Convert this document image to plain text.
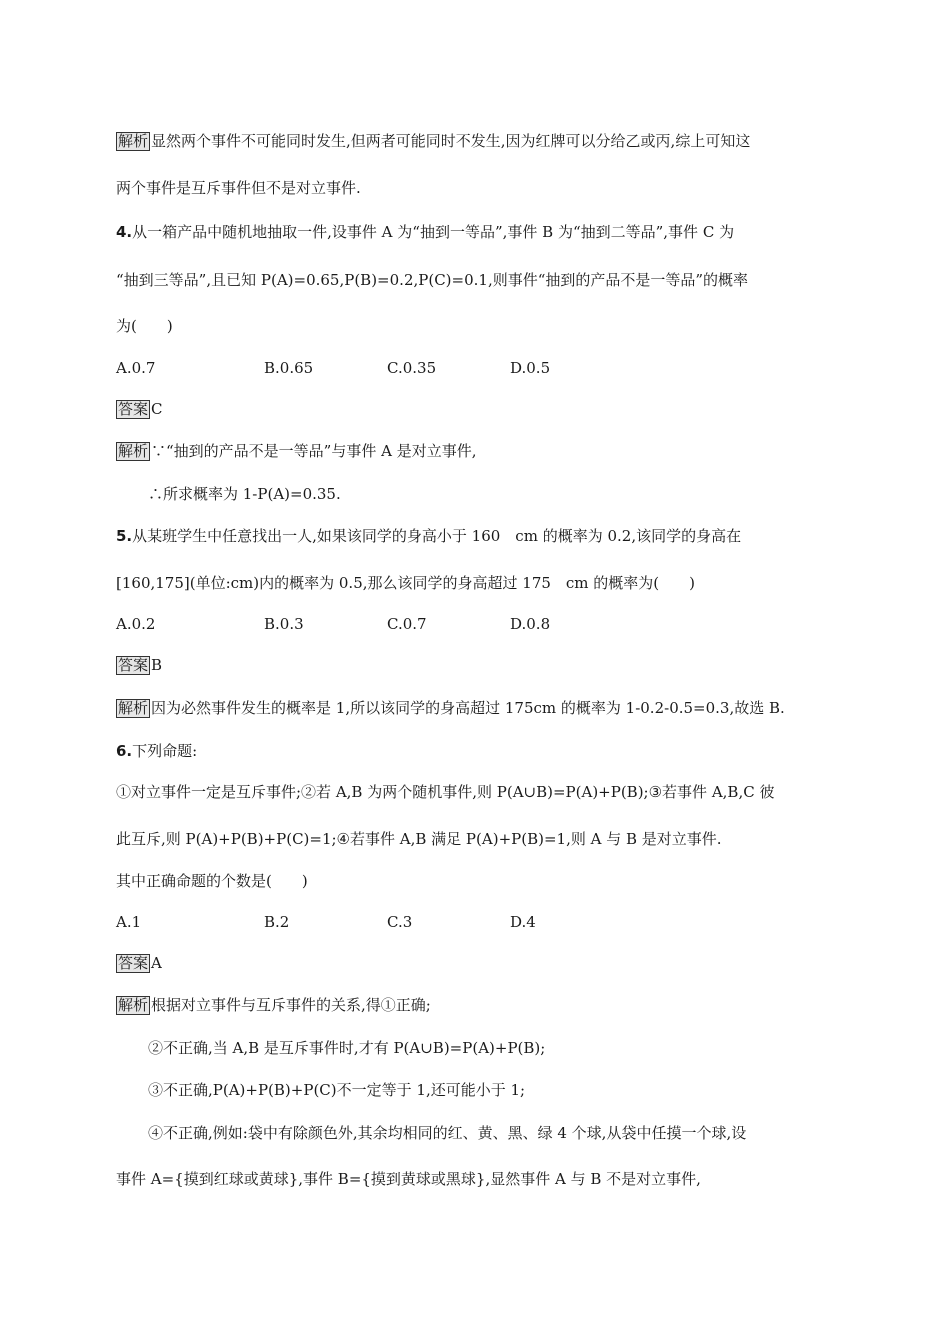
解析 显然两个事件不可能同时发生,但两者可能同时不发生,因为红牌可以分给乙或丙,综上可知这
两个事件是互斥事件但不是对立事件.
4.从一箱产品中随机地抽取一件,设事件 A 为“抽到一等品”,事件 B 为“抽到二等品”,事件 C 为
“抽到三等品”,且已知 P(A)=0.65,P(B)=0.2,P(C)=0.1,则事件“抽到的产品不是一等品”的概率
为(　　)
A.0.7	B.0.65	C.0.35	D.0.5
答案 C
解析 ∵“抽到的产品不是一等品”与事件 A 是对立事件,
∴所求概率为 1-P(A)=0.35.
5.从某班学生中任意找出一人,如果该同学的身高小于 160　cm 的概率为 0.2,该同学的身高在
[160,175](单位:cm)内的概率为 0.5,那么该同学的身高超过 175　cm 的概率为(　　)
A.0.2	B.0.3	C.0.7	D.0.8
答案 B
解析 因为必然事件发生的概率是 1,所以该同学的身高超过 175cm 的概率为 1-0.2-0.5=0.3,故选 B.
6.下列命题:
①对立事件一定是互斥事件;②若 A,B 为两个随机事件,则 P(A∪B)=P(A)+P(B);③若事件 A,B,C 彼
此互斥,则 P(A)+P(B)+P(C)=1;④若事件 A,B 满足 P(A)+P(B)=1,则 A 与 B 是对立事件.
其中正确命题的个数是(　　)
A.1	B.2	C.3	D.4
答案 A
解析 根据对立事件与互斥事件的关系,得①正确;
②不正确,当 A,B 是互斥事件时,才有 P(A∪B)=P(A)+P(B);
③不正确,P(A)+P(B)+P(C)不一定等于 1,还可能小于 1;
④不正确,例如:袋中有除颜色外,其余均相同的红、黄、黑、绿 4 个球,从袋中任摸一个球,设
事件 A={摸到红球或黄球},事件 B={摸到黄球或黑球},显然事件 A 与 B 不是对立事件,
